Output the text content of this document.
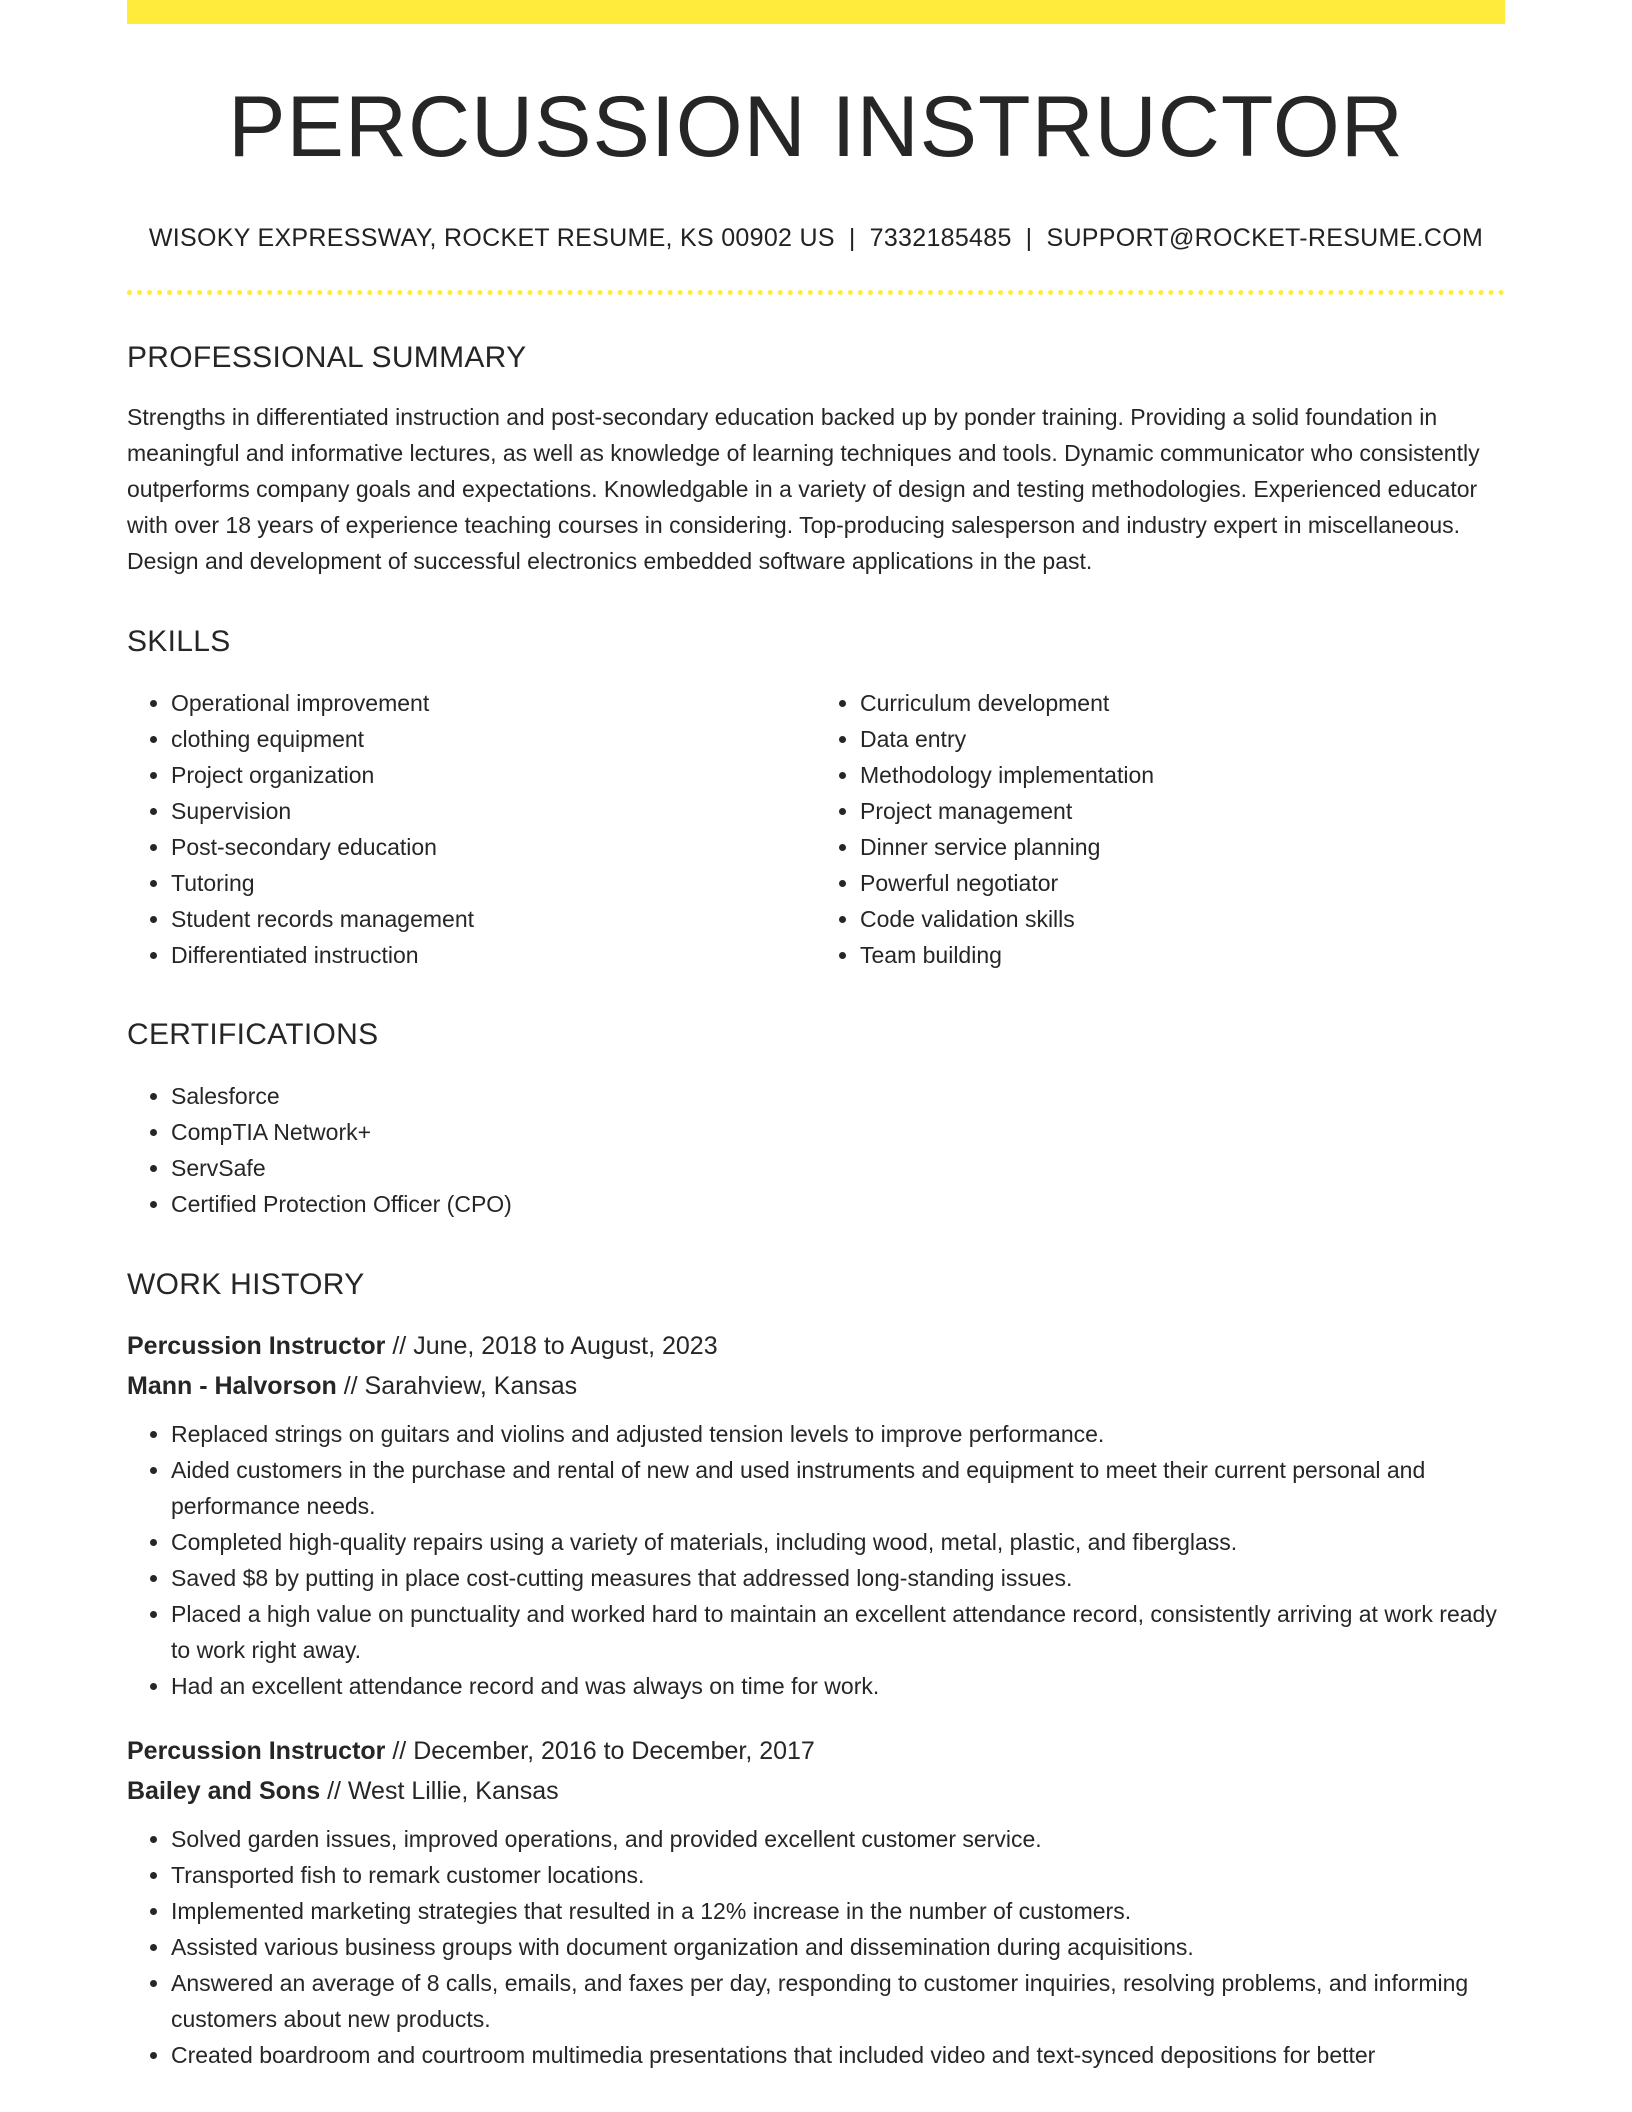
PERCUSSION INSTRUCTOR
WISOKY EXPRESSWAY, ROCKET RESUME, KS 00902 US | 7332185485 | SUPPORT@ROCKET-RESUME.COM
PROFESSIONAL SUMMARY
Strengths in differentiated instruction and post-secondary education backed up by ponder training. Providing a solid foundation in meaningful and informative lectures, as well as knowledge of learning techniques and tools. Dynamic communicator who consistently outperforms company goals and expectations. Knowledgable in a variety of design and testing methodologies. Experienced educator with over 18 years of experience teaching courses in considering. Top-producing salesperson and industry expert in miscellaneous. Design and development of successful electronics embedded software applications in the past.
SKILLS
• Operational improvement
• clothing equipment
• Project organization
• Supervision
• Post-secondary education
• Tutoring
• Student records management
• Differentiated instruction
• Curriculum development
• Data entry
• Methodology implementation
• Project management
• Dinner service planning
• Powerful negotiator
• Code validation skills
• Team building
CERTIFICATIONS
• Salesforce
• CompTIA Network+
• ServSafe
• Certified Protection Officer (CPO)
WORK HISTORY
Percussion Instructor // June, 2018 to August, 2023
Mann - Halvorson // Sarahview, Kansas
• Replaced strings on guitars and violins and adjusted tension levels to improve performance.
• Aided customers in the purchase and rental of new and used instruments and equipment to meet their current personal and performance needs.
• Completed high-quality repairs using a variety of materials, including wood, metal, plastic, and fiberglass.
• Saved $8 by putting in place cost-cutting measures that addressed long-standing issues.
• Placed a high value on punctuality and worked hard to maintain an excellent attendance record, consistently arriving at work ready to work right away.
• Had an excellent attendance record and was always on time for work.
Percussion Instructor // December, 2016 to December, 2017
Bailey and Sons // West Lillie, Kansas
• Solved garden issues, improved operations, and provided excellent customer service.
• Transported fish to remark customer locations.
• Implemented marketing strategies that resulted in a 12% increase in the number of customers.
• Assisted various business groups with document organization and dissemination during acquisitions.
• Answered an average of 8 calls, emails, and faxes per day, responding to customer inquiries, resolving problems, and informing customers about new products.
• Created boardroom and courtroom multimedia presentations that included video and text-synced depositions for better
